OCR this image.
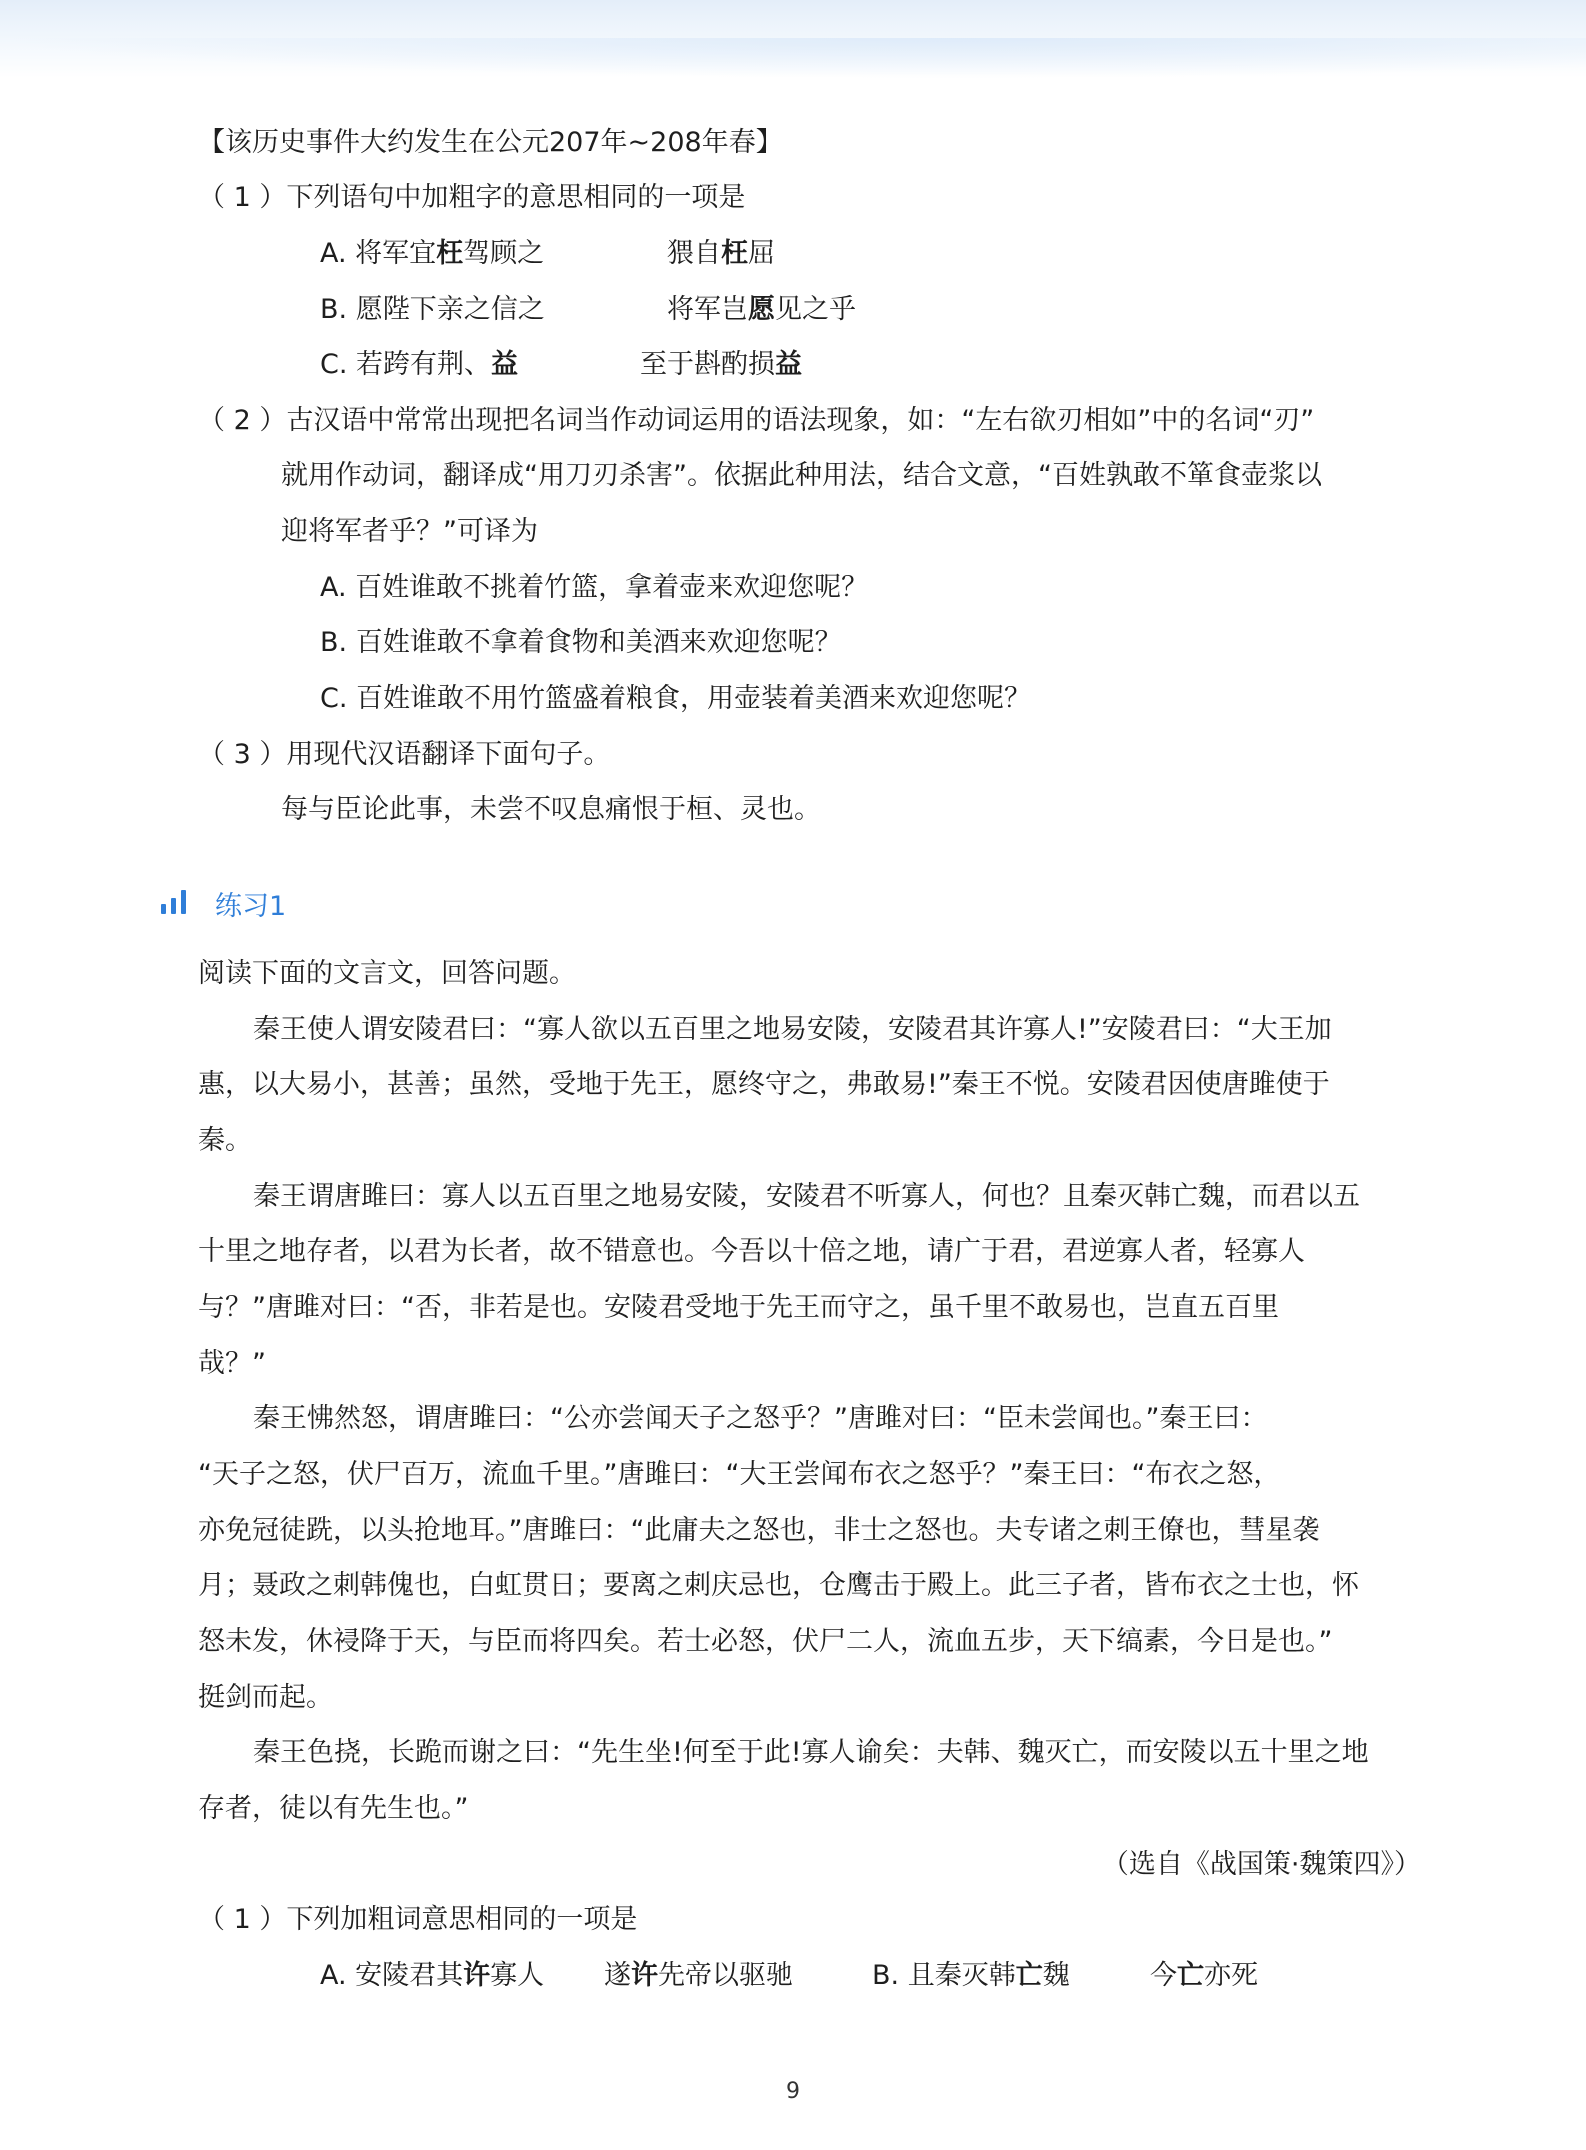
【该历史事件大约发生在公元207年~208年春】
（ 1 ）下列语句中加粗字的意思相同的一项是
A. 将军宜枉驾顾之	猥自枉屈
B. 愿陛下亲之信之	将军岂愿见之乎
C. 若跨有荆、益	至于斟酌损益
（ 2 ）古汉语中常常出现把名词当作动词运用的语法现象，如：“左右欲刃相如”中的名词“刃”
就用作动词，翻译成“用刀刃杀害”。依据此种用法，结合文意，“百姓孰敢不箪食壶浆以
迎将军者乎？”可译为
A. 百姓谁敢不挑着竹篮，拿着壶来欢迎您呢？
B. 百姓谁敢不拿着食物和美酒来欢迎您呢？
C. 百姓谁敢不用竹篮盛着粮食，用壶装着美酒来欢迎您呢？
（ 3 ）用现代汉语翻译下面句子。
每与臣论此事，未尝不叹息痛恨于桓、灵也。
练习1
阅读下面的文言文，回答问题。
秦王使人谓安陵君曰：“寡人欲以五百里之地易安陵，安陵君其许寡人!”安陵君曰：“大王加
惠，以大易小，甚善；虽然，受地于先王，愿终守之，弗敢易!”秦王不悦。安陵君因使唐雎使于
秦。
秦王谓唐雎曰：寡人以五百里之地易安陵，安陵君不听寡人，何也？且秦灭韩亡魏，而君以五
十里之地存者，以君为长者，故不错意也。今吾以十倍之地，请广于君，君逆寡人者，轻寡人
与？”唐雎对曰：“否，非若是也。安陵君受地于先王而守之，虽千里不敢易也，岂直五百里
哉？”
秦王怫然怒，谓唐雎曰：“公亦尝闻天子之怒乎？”唐雎对曰：“臣未尝闻也。”秦王曰：
“天子之怒，伏尸百万，流血千里。”唐雎曰：“大王尝闻布衣之怒乎？”秦王曰：“布衣之怒，
亦免冠徒跣，以头抢地耳。”唐雎曰：“此庸夫之怒也，非士之怒也。夫专诸之刺王僚也，彗星袭
月；聂政之刺韩傀也，白虹贯日；要离之刺庆忌也，仓鹰击于殿上。此三子者，皆布衣之士也，怀
怒未发，休祲降于天，与臣而将四矣。若士必怒，伏尸二人，流血五步，天下缟素，今日是也。”
挺剑而起。
秦王色挠，长跪而谢之曰：“先生坐!何至于此!寡人谕矣：夫韩、魏灭亡，而安陵以五十里之地
存者，徒以有先生也。”
（选自《战国策·魏策四》）
（ 1 ）下列加粗词意思相同的一项是
A. 安陵君其许寡人 遂许先帝以驱驰	B. 且秦灭韩亡魏	今亡亦死
9
